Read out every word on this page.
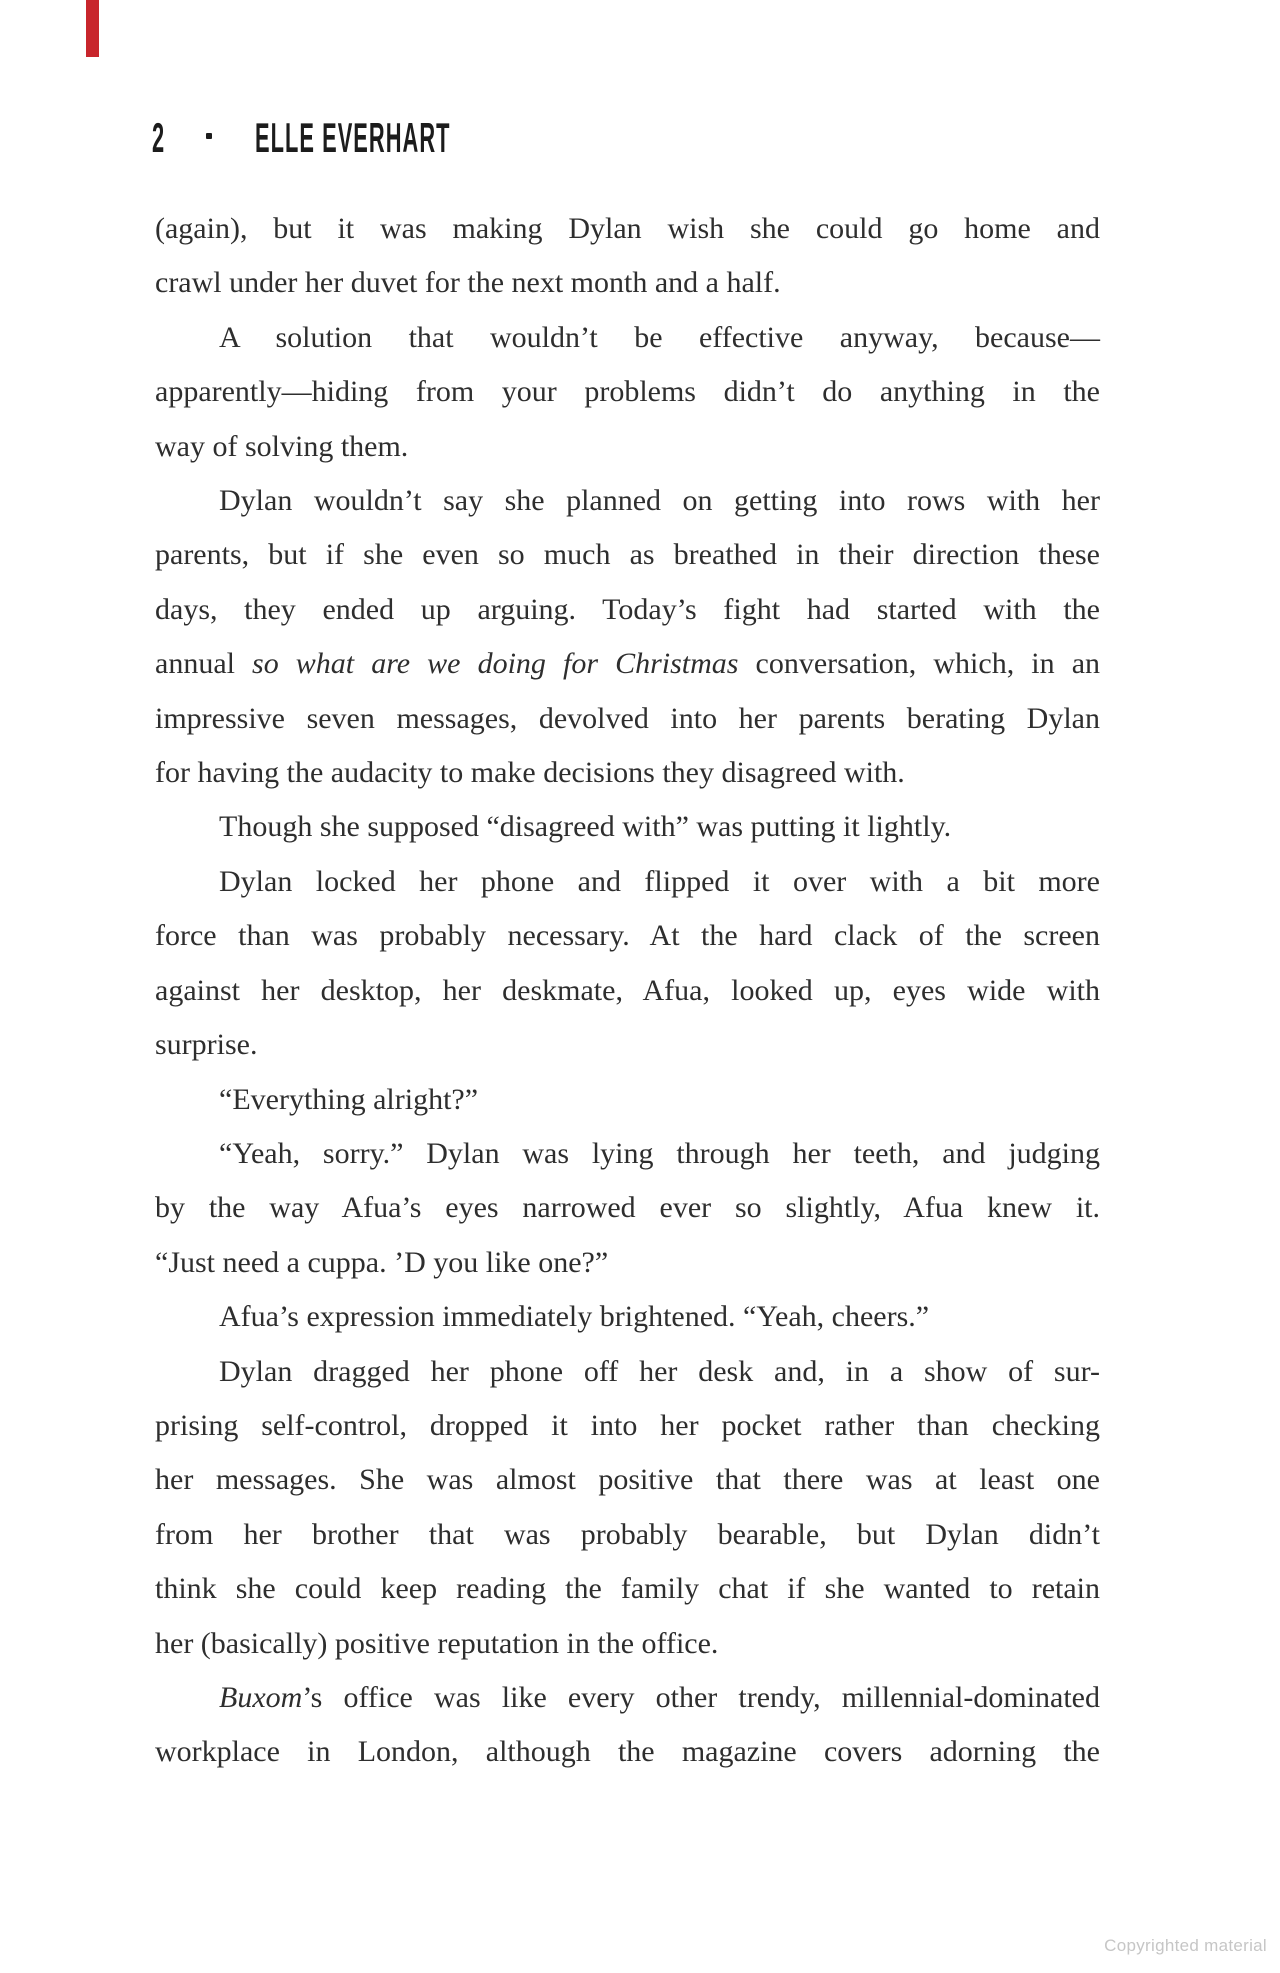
2 ELLE EVERHART
(again), but it was making Dylan wish she could go home and
crawl under her duvet for the next month and a half.
A solution that wouldn’t be effective anyway, because—
apparently—hiding from your problems didn’t do anything in the
way of solving them.
Dylan wouldn’t say she planned on getting into rows with her
parents, but if she even so much as breathed in their direction these
days, they ended up arguing. Today’s fight had started with the
annual so what are we doing for Christmas conversation, which, in an
impressive seven messages, devolved into her parents berating Dylan
for having the audacity to make decisions they disagreed with.
Though she supposed “disagreed with” was putting it lightly.
Dylan locked her phone and flipped it over with a bit more
force than was probably necessary. At the hard clack of the screen
against her desktop, her deskmate, Afua, looked up, eyes wide with
surprise.
“Everything alright?”
“Yeah, sorry.” Dylan was lying through her teeth, and judging
by the way Afua’s eyes narrowed ever so slightly, Afua knew it.
“Just need a cuppa. ’D you like one?”
Afua’s expression immediately brightened. “Yeah, cheers.”
Dylan dragged her phone off her desk and, in a show of sur-
prising self-control, dropped it into her pocket rather than checking
her messages. She was almost positive that there was at least one
from her brother that was probably bearable, but Dylan didn’t
think she could keep reading the family chat if she wanted to retain
her (basically) positive reputation in the office.
Buxom’s office was like every other trendy, millennial-dominated
workplace in London, although the magazine covers adorning the
Copyrighted material
